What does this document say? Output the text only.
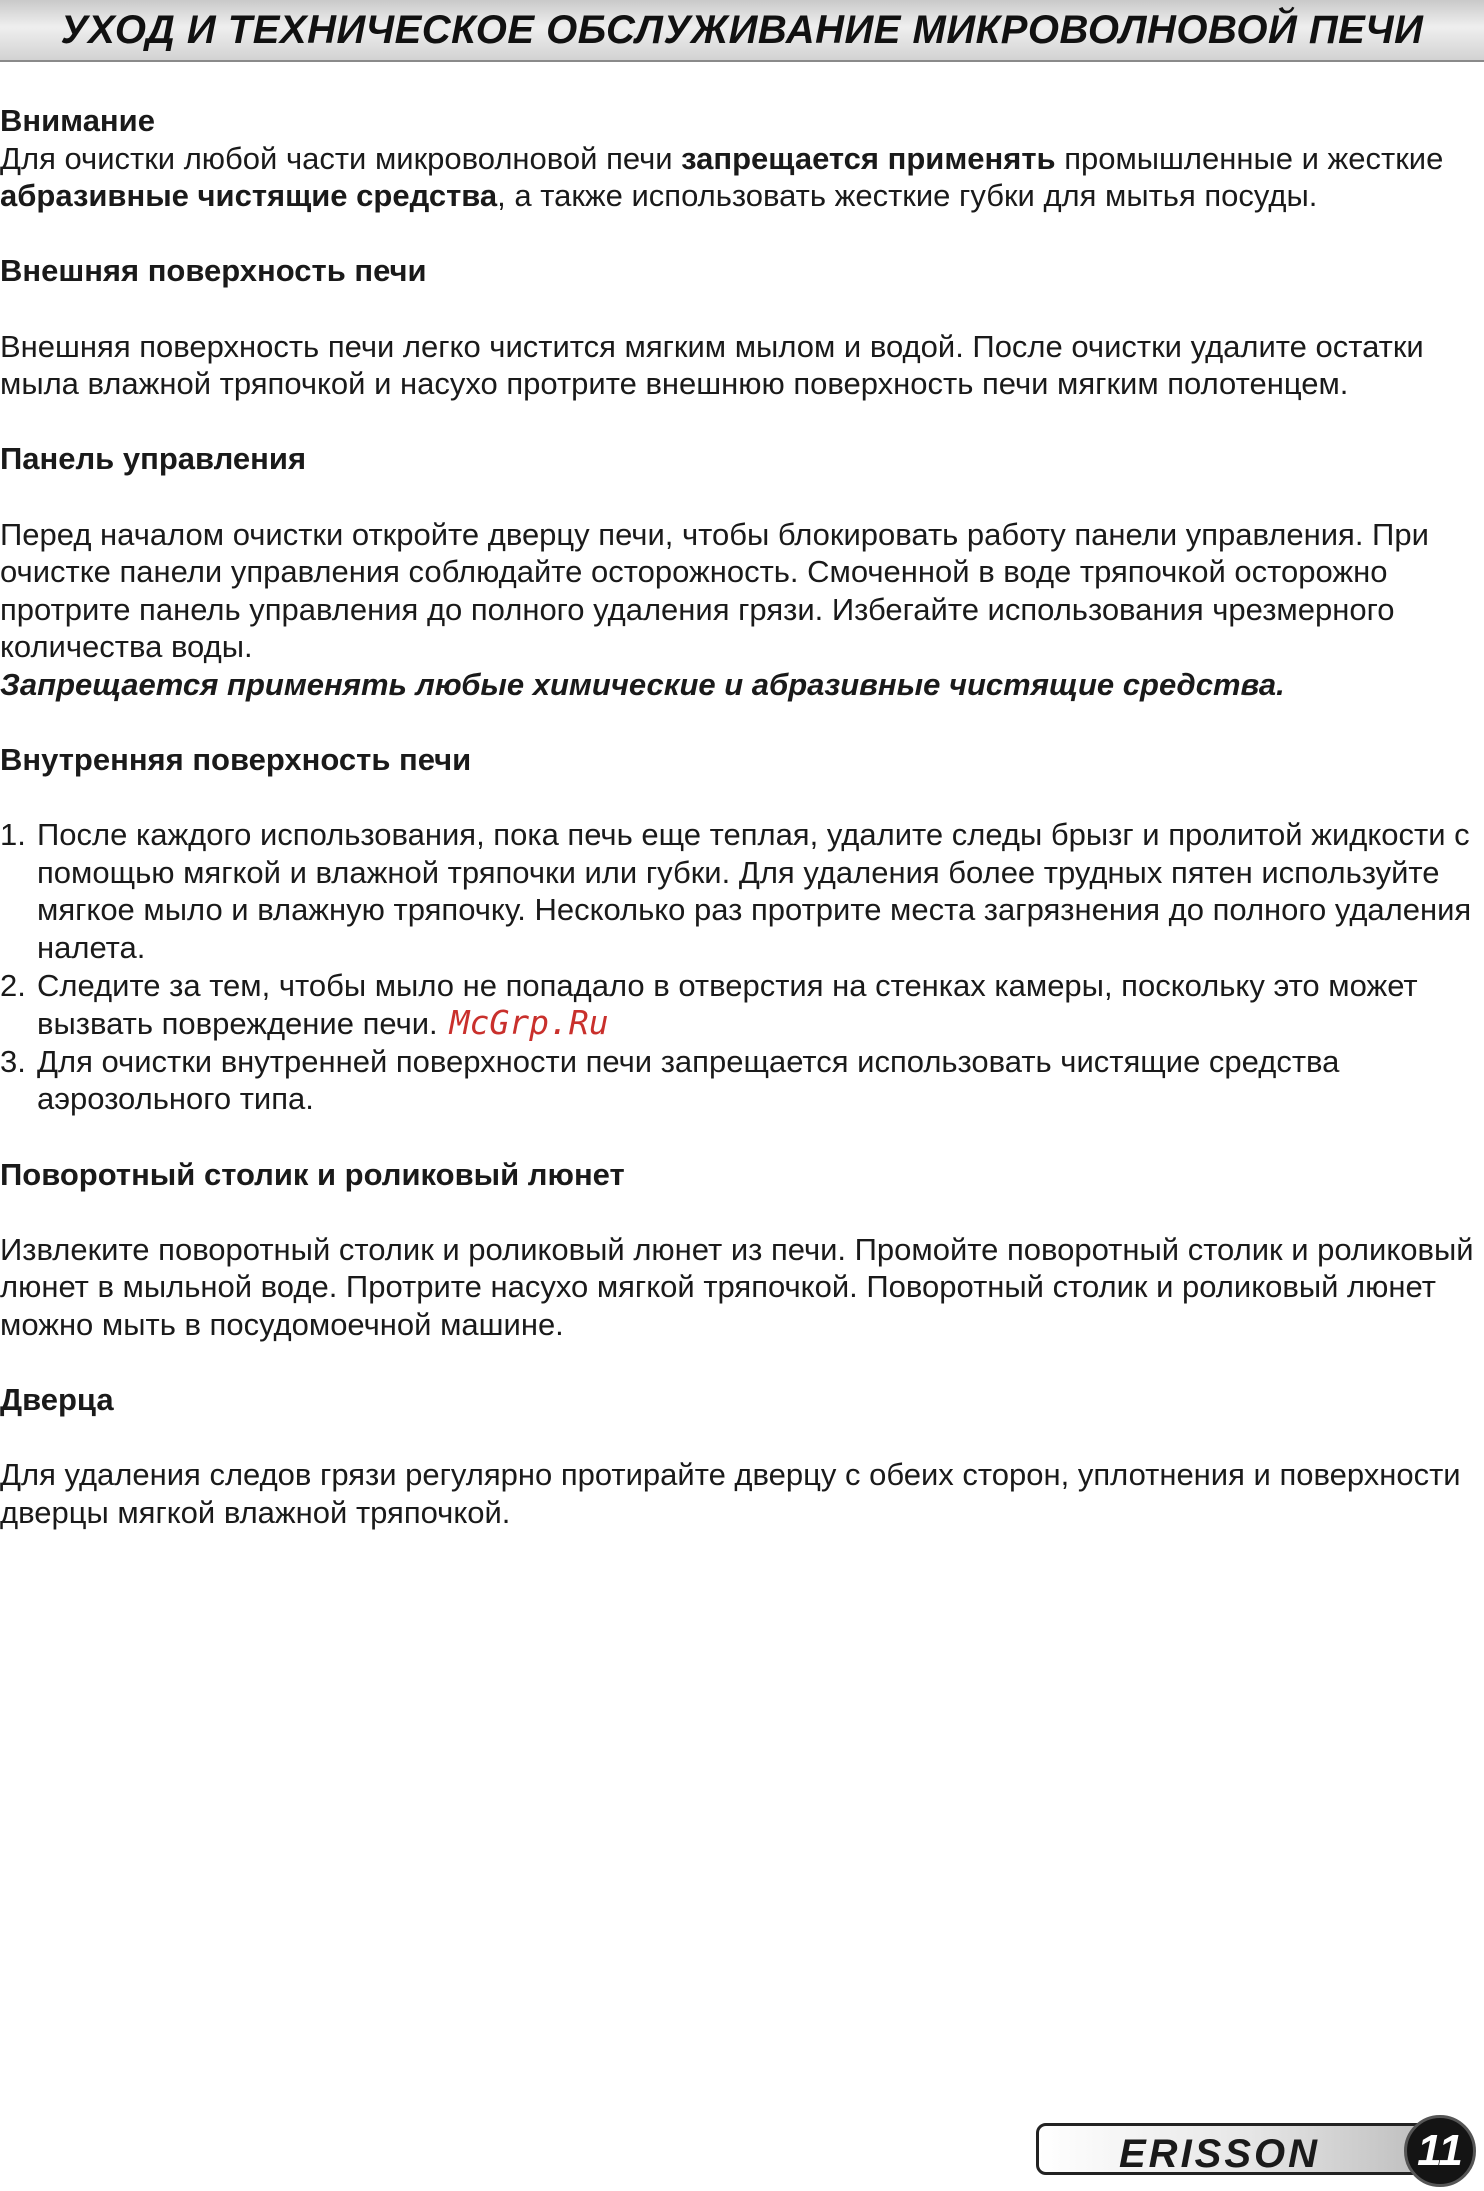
УХОД И ТЕХНИЧЕСКОЕ ОБСЛУЖИВАНИЕ МИКРОВОЛНОВОЙ ПЕЧИ

Внимание

Для очистки любой части микроволновой печи запрещается применять промышленные и жесткие абразивные чистящие средства, а также использовать жесткие губки для мытья посуды.

Внешняя поверхность печи

Внешняя поверхность печи легко чистится мягким мылом и водой. После очистки удалите остатки мыла влажной тряпочкой и насухо протрите внешнюю поверхность печи мягким полотенцем.

Панель управления

Перед началом очистки откройте дверцу печи, чтобы блокировать работу панели управления. При очистке панели управления соблюдайте осторожность. Смоченной в воде тряпочкой осторожно протрите панель управления до полного удаления грязи. Избегайте использования чрезмерного количества воды.

Запрещается применять любые химические и абразивные чистящие средства.

Внутренняя поверхность печи

1. После каждого использования, пока печь еще теплая, удалите следы брызг и пролитой жидкости с помощью мягкой и влажной тряпочки или губки. Для удаления более трудных пятен используйте мягкое мыло и влажную тряпочку. Несколько раз протрите места загрязнения до полного удаления налета.
2. Следите за тем, чтобы мыло не попадало в отверстия на стенках камеры, поскольку это может вызвать повреждение печи. McGrp.Ru
3. Для очистки внутренней поверхности печи запрещается использовать чистящие средства аэрозольного типа.

Поворотный столик и роликовый люнет

Извлеките поворотный столик и роликовый люнет из печи. Промойте поворотный столик и роликовый люнет в мыльной воде. Протрите насухо мягкой тряпочкой. Поворотный столик и роликовый люнет можно мыть в посудомоечной машине.

Дверца

Для удаления следов грязи регулярно протирайте дверцу с обеих сторон, уплотнения и поверхности дверцы мягкой влажной тряпочкой.

ERISSON 11
